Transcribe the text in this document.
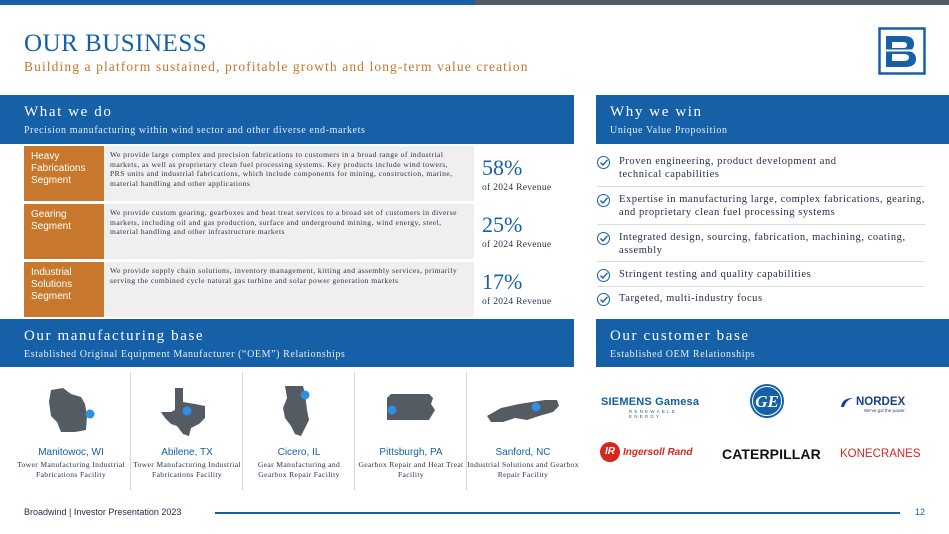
OUR BUSINESS
Building a platform sustained, profitable growth and long-term value creation
What we do
Precision manufacturing within wind sector and other diverse end-markets
Why we win
Unique Value Proposition
Heavy Fabrications Segment
We provide large complex and precision fabrications to customers in a broad range of industrial markets, as well as proprietary clean fuel processing systems. Key products include wind towers, PRS units and industrial fabrications, which include components for mining, construction, marine, material handling and other applications
58%
of 2024 Revenue
Gearing Segment
We provide custom gearing, gearboxes and heat treat services to a broad set of customers in diverse markets, including oil and gas production, surface and underground mining, wind energy, steel, material handling and other infrastructure markets	25%
of 2024 Revenue
Industrial Solutions Segment
We provide supply chain solutions, inventory management, kitting and assembly services, primarily serving the combined cycle natural gas turbine and solar power generation markets	17%
of 2024 Revenue
Proven engineering, product development and technical capabilities
Expertise in manufacturing large, complex fabrications, gearing, and proprietary clean fuel processing systems
Integrated design, sourcing, fabrication, machining, coating, assembly
Stringent testing and quality capabilities
Targeted, multi-industry focus
Our manufacturing base
Established Original Equipment Manufacturer (“OEM”) Relationships
Our customer base
Established OEM Relationships
Manitowoc, WI
Tower Manufacturing Industrial Fabrications Facility
Abilene, TX
Tower Manufacturing Industrial Fabrications Facility
Cicero, IL
Gear Manufacturing and Gearbox Repair Facility
Pittsburgh, PA
Gearbox Repair and Heat Treat Facility
Sanford, NC
Industrial Solutions and Gearbox Repair Facility
SIEMENS Gamesa
RENEWABLE ENERGY
GE	NORDEX
We've got the power.
IR Ingersoll Rand CATERPILLAR KONECRANES
Broadwind | Investor Presentation 2023	12
